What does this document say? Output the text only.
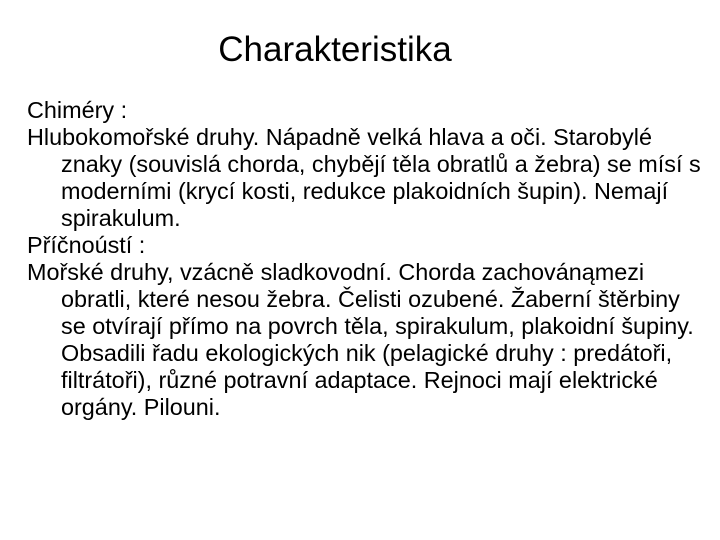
Charakteristika

Chiméry :

Hlubokomořské druhy. Nápadně velká hlava a oči. Starobylé znaky (souvislá chorda, chybějí těla obratlů a žebra) se mísí s moderními (krycí kosti, redukce plakoidních šupin). Nemají spirakulum.

Příčnoústí :

Mořské druhy, vzácně sladkovodní. Chorda zachovánąmezi obratli, které nesou žebra. Čelisti ozubené. Žaberní štěrbiny se otvírají přímo na povrch těla, spirakulum, plakoidní šupiny. Obsadili řadu ekologických nik (pelagické druhy : predátoři, filtrátoři), různé potravní adaptace. Rejnoci mají elektrické orgány. Pilouni.
